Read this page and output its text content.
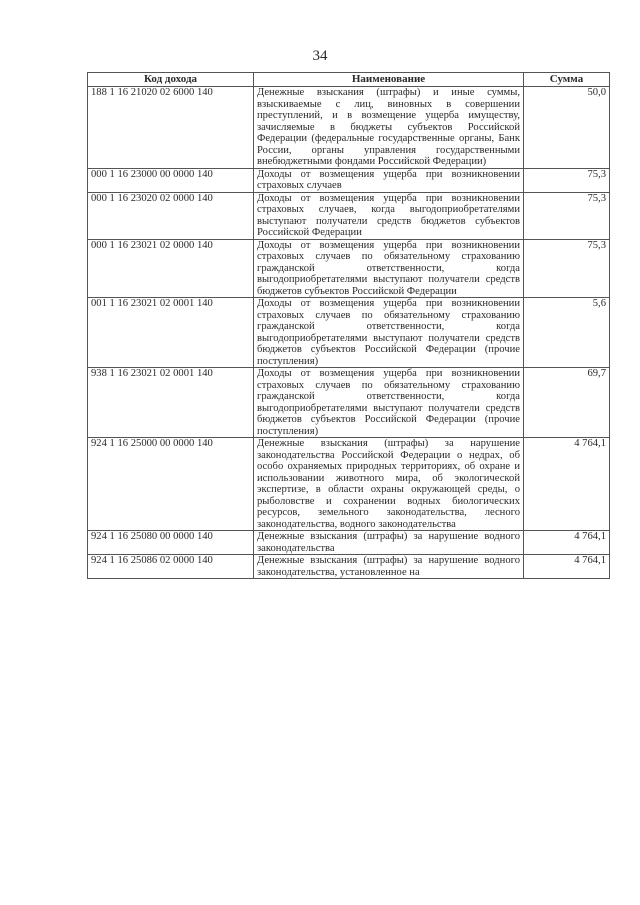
34
Код дохода	Наименование	Сумма
188 1 16 21020 02 6000 140	Денежные взыскания (штрафы) и иные суммы, взыскиваемые с лиц, виновных в совершении преступлений, и в возмещение ущерба имуществу, зачисляемые в бюджеты субъектов Российской Федерации (федеральные государственные органы, Банк России, органы управления государственными внебюджетными фондами Российской Федерации)	50,0
000 1 16 23000 00 0000 140	Доходы от возмещения ущерба при возникновении страховых случаев	75,3
000 1 16 23020 02 0000 140	Доходы от возмещения ущерба при возникновении страховых случаев, когда выгодоприобретателями выступают получатели средств бюджетов субъектов Российской Федерации	75,3
000 1 16 23021 02 0000 140	Доходы от возмещения ущерба при возникновении страховых случаев по обязательному страхованию гражданской ответственности, когда выгодоприобретателями выступают получатели средств бюджетов субъектов Российской Федерации	75,3
001 1 16 23021 02 0001 140	Доходы от возмещения ущерба при возникновении страховых случаев по обязательному страхованию гражданской ответственности, когда выгодоприобретателями выступают получатели средств бюджетов субъектов Российской Федерации (прочие поступления)	5,6
938 1 16 23021 02 0001 140	Доходы от возмещения ущерба при возникновении страховых случаев по обязательному страхованию гражданской ответственности, когда выгодоприобретателями выступают получатели средств бюджетов субъектов Российской Федерации (прочие поступления)	69,7
924 1 16 25000 00 0000 140	Денежные взыскания (штрафы) за нарушение законодательства Российской Федерации о недрах, об особо охраняемых природных территориях, об охране и использовании животного мира, об экологической экспертизе, в области охраны окружающей среды, о рыболовстве и сохранении водных биологических ресурсов, земельного законодательства, лесного законодательства, водного законодательства	4 764,1
924 1 16 25080 00 0000 140	Денежные взыскания (штрафы) за нарушение водного законодательства	4 764,1
924 1 16 25086 02 0000 140	Денежные взыскания (штрафы) за нарушение водного законодательства, установленное на	4 764,1
